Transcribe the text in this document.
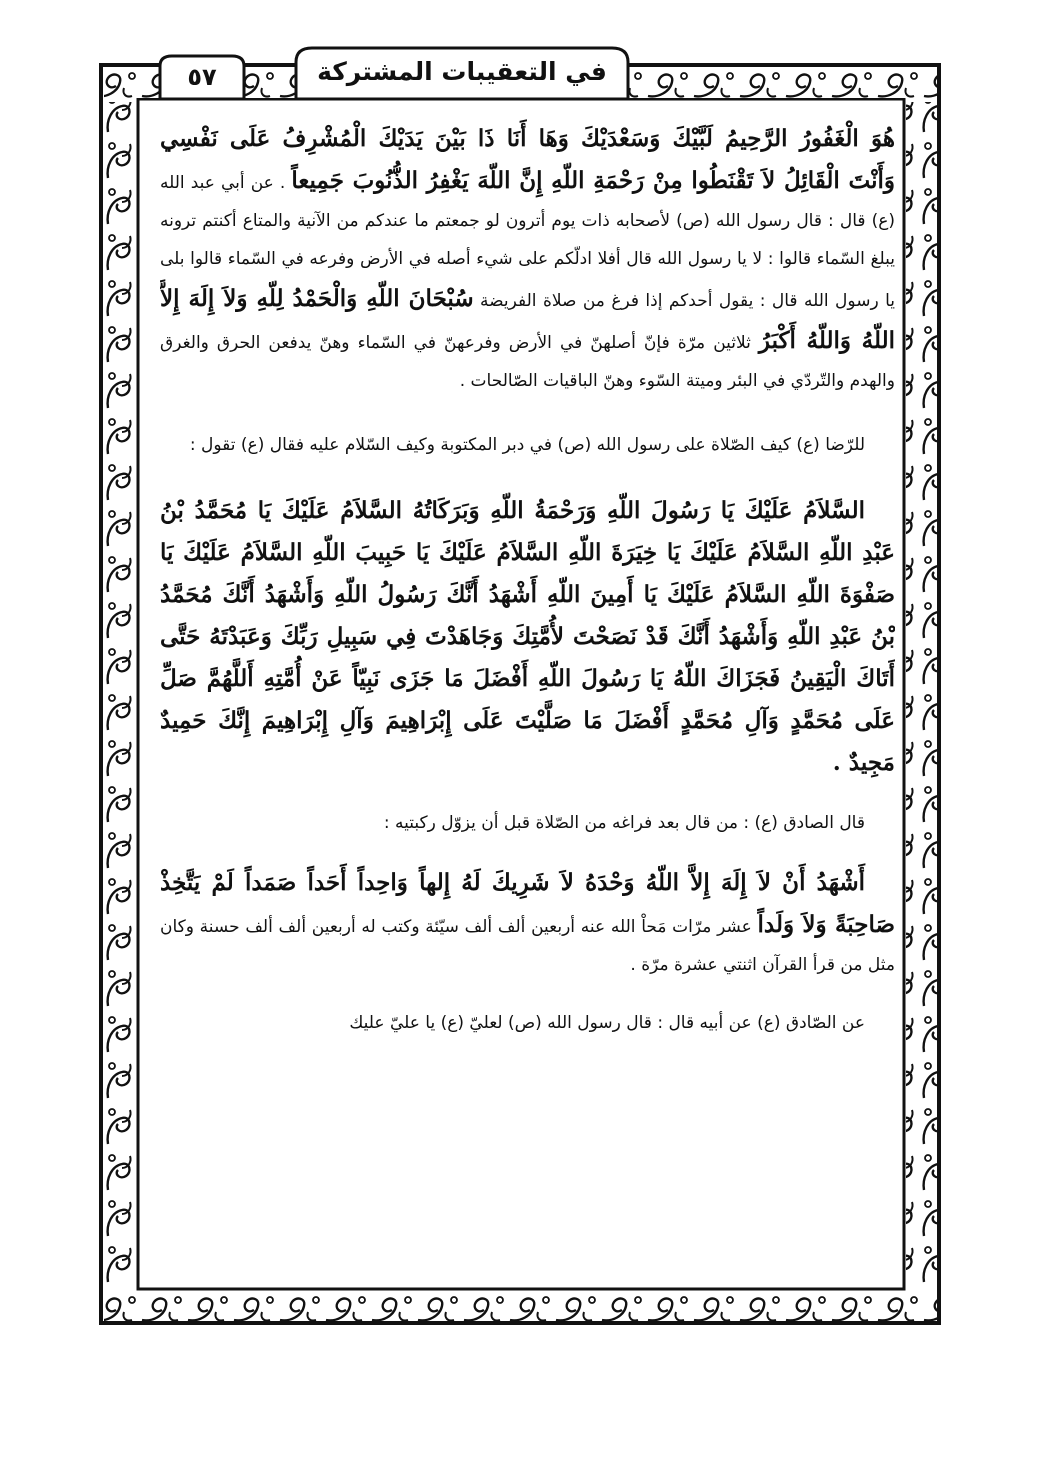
في التعقيبات المشتركة
٥٧

هُوَ الْغَفُورُ الرَّحِيمُ لَبَّيْكَ وَسَعْدَيْكَ وَهَا أَنَا ذَا بَيْنَ يَدَيْكَ الْمُشْرِفُ عَلَى نَفْسِي وَأَنْتَ الْقَائِلُ لاَ تَقْنَطُوا مِنْ رَحْمَةِ اللّهِ إِنَّ اللّهَ يَغْفِرُ الذُّنُوبَ جَمِيعاً . عن أبي عبد الله (ع) قال : قال رسول الله (ص) لأصحابه ذات يوم أترون لو جمعتم ما عندكم من الآنية والمتاع أكنتم ترونه يبلغ السّماء قالوا : لا يا رسول الله قال أفلا ادلّكم على شيء أصله في الأرض وفرعه في السّماء قالوا بلى يا رسول الله قال : يقول أحدكم إذا فرغ من صلاة الفريضة سُبْحَانَ اللّهِ وَالْحَمْدُ لِلّهِ وَلاَ إِلَهَ إِلاَّ اللّهُ وَاللّهُ أَكْبَرُ ثلاثين مرّة فإنّ أصلهنّ في الأرض وفرعهنّ في السّماء وهنّ يدفعن الحرق والغرق والهدم والتّردّي في البئر وميتة السّوء وهنّ الباقيات الصّالحات .

للرّضا (ع) كيف الصّلاة على رسول الله (ص) في دبر المكتوبة وكيف السّلام عليه فقال (ع) تقول :

السَّلاَمُ عَلَيْكَ يَا رَسُولَ اللّهِ وَرَحْمَةُ اللّهِ وَبَرَكَاتُهُ السَّلاَمُ عَلَيْكَ يَا مُحَمَّدُ بْنُ عَبْدِ اللّهِ السَّلاَمُ عَلَيْكَ يَا خِيَرَةَ اللّهِ السَّلاَمُ عَلَيْكَ يَا حَبِيبَ اللّهِ السَّلاَمُ عَلَيْكَ يَا صَفْوَةَ اللّهِ السَّلاَمُ عَلَيْكَ يَا أَمِينَ اللّهِ أَشْهَدُ أَنَّكَ رَسُولُ اللّهِ وَأَشْهَدُ أَنَّكَ مُحَمَّدُ بْنُ عَبْدِ اللّهِ وَأَشْهَدُ أَنَّكَ قَدْ نَصَحْتَ لأُمَّتِكَ وَجَاهَدْتَ فِي سَبِيلِ رَبِّكَ وَعَبَدْتَهُ حَتَّى أَتَاكَ الْيَقِينُ فَجَزَاكَ اللّهُ يَا رَسُولَ اللّهِ أَفْضَلَ مَا جَزَى نَبِيّاً عَنْ أُمَّتِهِ أَللَّهُمَّ صَلِّ عَلَى مُحَمَّدٍ وَآلِ مُحَمَّدٍ أَفْضَلَ مَا صَلَّيْتَ عَلَى إِبْرَاهِيمَ وَآلِ إِبْرَاهِيمَ إِنَّكَ حَمِيدٌ مَجِيدٌ .

قال الصادق (ع) : من قال بعد فراغه من الصّلاة قبل أن يزوّل ركبتيه :

أَشْهَدُ أَنْ لاَ إِلَهَ إِلاَّ اللّهُ وَحْدَهُ لاَ شَرِيكَ لَهُ إِلهاً وَاحِداً أَحَداً صَمَداً لَمْ يَتَّخِذْ صَاحِبَةً وَلاَ وَلَداً عشر مرّات مَحاْ الله عنه أربعين ألف ألف سيّئة وكتب له أربعين ألف ألف حسنة وكان مثل من قرأ القرآن اثنتي عشرة مرّة .

عن الصّادق (ع) عن أبيه قال : قال رسول الله (ص) لعليّ (ع) يا عليّ عليك
